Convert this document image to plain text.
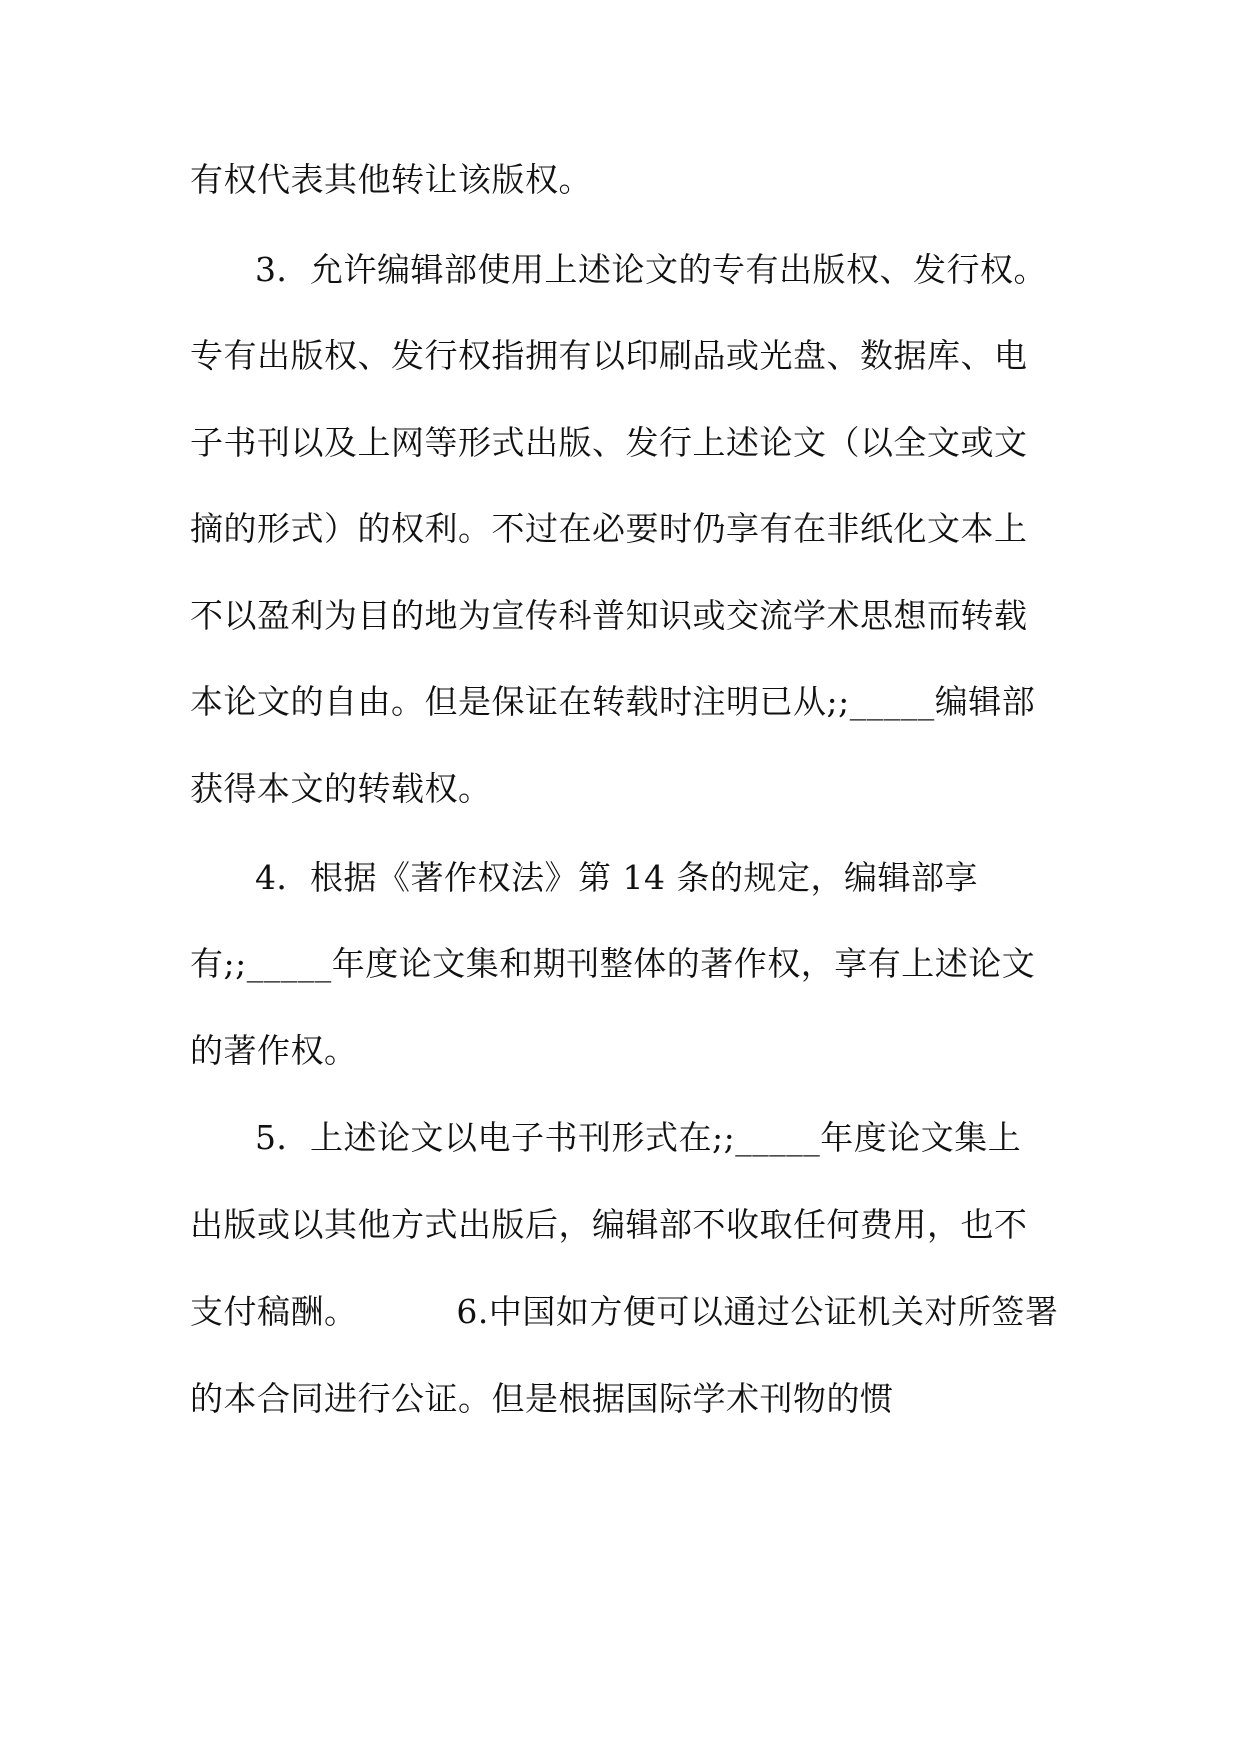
有权代表其他转让该版权。
3．允许编辑部使用上述论文的专有出版权、发行权。
专有出版权、发行权指拥有以印刷品或光盘、数据库、电
子书刊以及上网等形式出版、发行上述论文（以全文或文
摘的形式）的权利。不过在必要时仍享有在非纸化文本上
不以盈利为目的地为宣传科普知识或交流学术思想而转载
本论文的自由。但是保证在转载时注明已从;;_____编辑部
获得本文的转载权。
4．根据《著作权法》第 14 条的规定，编辑部享
有;;_____年度论文集和期刊整体的著作权，享有上述论文
的著作权。
5．上述论文以电子书刊形式在;;_____年度论文集上
出版或以其他方式出版后，编辑部不收取任何费用，也不
支付稿酬。         6.中国如方便可以通过公证机关对所签署
的本合同进行公证。但是根据国际学术刊物的惯
